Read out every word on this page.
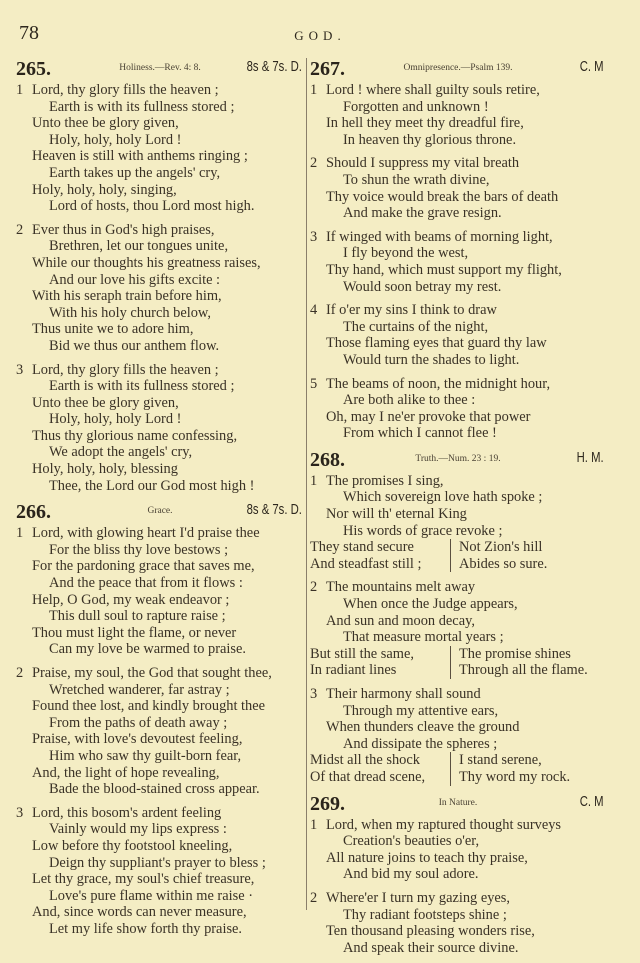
78	GOD.
Holiness.—Rev. 4: 8.
265.	8s & 7s. D.
1 Lord, thy glory fills the heaven ;
Earth is with its fullness stored ;
Unto thee be glory given,
Holy, holy, holy Lord !
Heaven is still with anthems ringing ;
Earth takes up the angels' cry,
Holy, holy, holy, singing,
Lord of hosts, thou Lord most high.
2 Ever thus in God's high praises,
Brethren, let our tongues unite,
While our thoughts his greatness raises,
And our love his gifts excite :
With his seraph train before him,
With his holy church below,
Thus unite we to adore him,
Bid we thus our anthem flow.
3 Lord, thy glory fills the heaven ;
Earth is with its fullness stored ;
Unto thee be glory given,
Holy, holy, holy Lord !
Thus thy glorious name confessing,
We adopt the angels' cry,
Holy, holy, holy, blessing
Thee, the Lord our God most high !
Grace.
266.	8s & 7s. D.
1 Lord, with glowing heart I'd praise thee
For the bliss thy love bestows ;
For the pardoning grace that saves me,
And the peace that from it flows :
Help, O God, my weak endeavor ;
This dull soul to rapture raise ;
Thou must light the flame, or never
Can my love be warmed to praise.
2 Praise, my soul, the God that sought thee,
Wretched wanderer, far astray ;
Found thee lost, and kindly brought thee
From the paths of death away ;
Praise, with love's devoutest feeling,
Him who saw thy guilt-born fear,
And, the light of hope revealing,
Bade the blood-stained cross appear.
3 Lord, this bosom's ardent feeling
Vainly would my lips express :
Low before thy footstool kneeling,
Deign thy suppliant's prayer to bless ;
Let thy grace, my soul's chief treasure,
Love's pure flame within me raise ·
And, since words can never measure,
Let my life show forth thy praise.
Omnipresence.—Psalm 139.
267.	C. M
1 Lord ! where shall guilty souls retire,
Forgotten and unknown !
In hell they meet thy dreadful fire,
In heaven thy glorious throne.
2 Should I suppress my vital breath
To shun the wrath divine,
Thy voice would break the bars of death
And make the grave resign.
3 If winged with beams of morning light,
I fly beyond the west,
Thy hand, which must support my flight,
Would soon betray my rest.
4 If o'er my sins I think to draw
The curtains of the night,
Those flaming eyes that guard thy law
Would turn the shades to light.
5 The beams of noon, the midnight hour,
Are both alike to thee :
Oh, may I ne'er provoke that power
From which I cannot flee !
Truth.—Num. 23 : 19.
268.	H. M.
1 The promises I sing,
Which sovereign love hath spoke ;
Nor will th' eternal King
His words of grace revoke ;
They stand secure	Not Zion's hill
And steadfast still ;	Abides so sure.
2 The mountains melt away
When once the Judge appears,
And sun and moon decay,
That measure mortal years ;
But still the same,	The promise shines
In radiant lines	Through all the flame.
3 Their harmony shall sound
Through my attentive ears,
When thunders cleave the ground
And dissipate the spheres ;
Midst all the shock	I stand serene,
Of that dread scene,	Thy word my rock.
In Nature.
269.	C. M
1 Lord, when my raptured thought surveys
Creation's beauties o'er,
All nature joins to teach thy praise,
And bid my soul adore.
2 Where'er I turn my gazing eyes,
Thy radiant footsteps shine ;
Ten thousand pleasing wonders rise,
And speak their source divine.
